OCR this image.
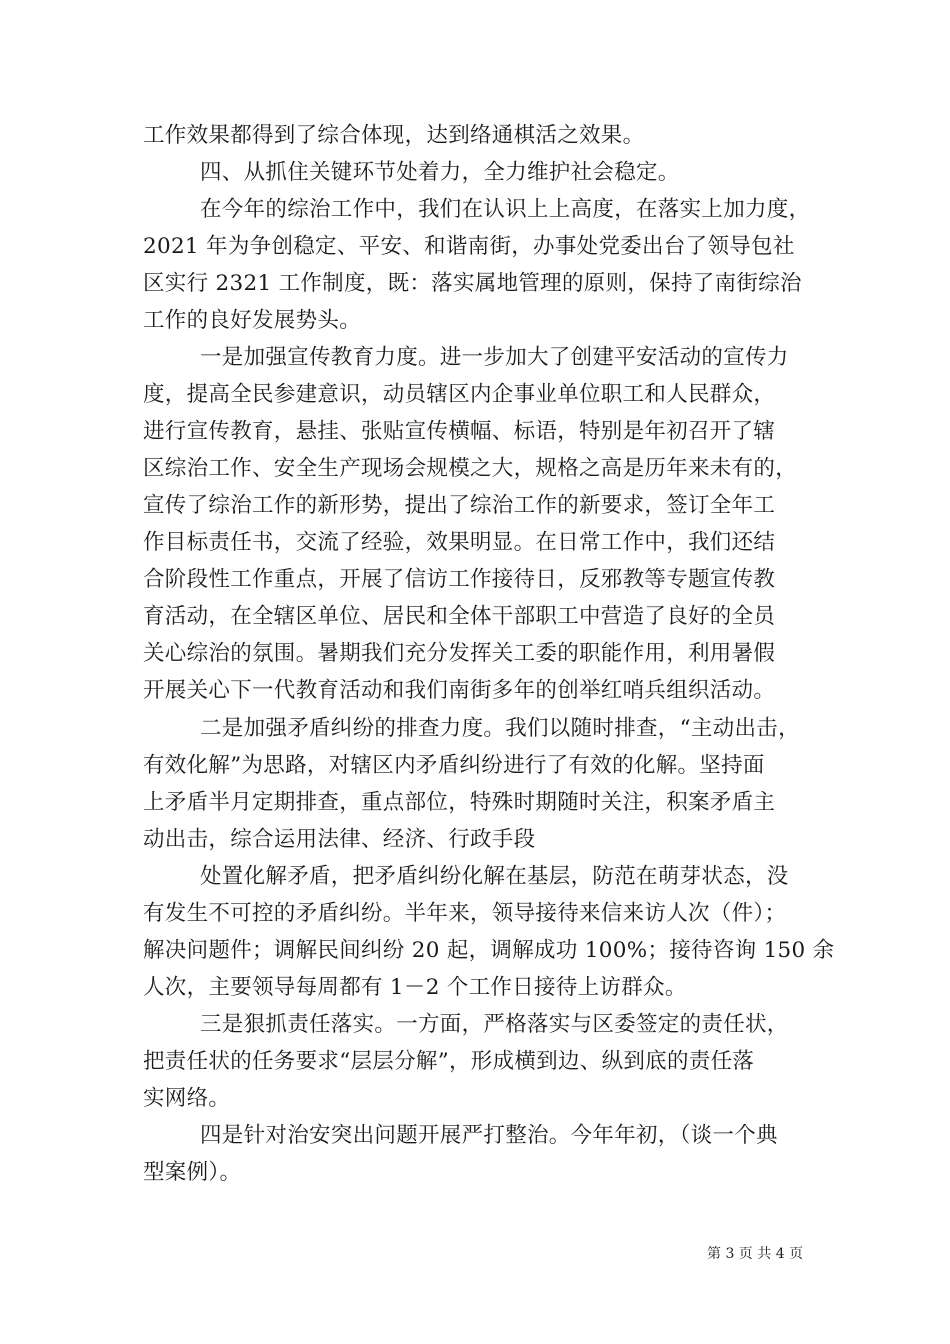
工作效果都得到了综合体现，达到络通棋活之效果。
四、从抓住关键环节处着力，全力维护社会稳定。
在今年的综治工作中，我们在认识上上高度，在落实上加力度，
2021 年为争创稳定、平安、和谐南街，办事处党委出台了领导包社
区实行 2321 工作制度，既：落实属地管理的原则，保持了南街综治
工作的良好发展势头。
一是加强宣传教育力度。进一步加大了创建平安活动的宣传力
度，提高全民参建意识，动员辖区内企事业单位职工和人民群众，
进行宣传教育，悬挂、张贴宣传横幅、标语，特别是年初召开了辖
区综治工作、安全生产现场会规模之大，规格之高是历年来未有的，
宣传了综治工作的新形势，提出了综治工作的新要求，签订全年工
作目标责任书，交流了经验，效果明显。在日常工作中，我们还结
合阶段性工作重点，开展了信访工作接待日，反邪教等专题宣传教
育活动，在全辖区单位、居民和全体干部职工中营造了良好的全员
关心综治的氛围。暑期我们充分发挥关工委的职能作用，利用暑假
开展关心下一代教育活动和我们南街多年的创举红哨兵组织活动。
二是加强矛盾纠纷的排查力度。我们以随时排查，“主动出击，
有效化解”为思路，对辖区内矛盾纠纷进行了有效的化解。坚持面
上矛盾半月定期排查，重点部位，特殊时期随时关注，积案矛盾主
动出击，综合运用法律、经济、行政手段
处置化解矛盾，把矛盾纠纷化解在基层，防范在萌芽状态，没
有发生不可控的矛盾纠纷。半年来，领导接待来信来访人次（件）；
解决问题件；调解民间纠纷 20 起，调解成功 100%；接待咨询 150 余
人次，主要领导每周都有 1－2 个工作日接待上访群众。
三是狠抓责任落实。一方面，严格落实与区委签定的责任状，
把责任状的任务要求“层层分解”，形成横到边、纵到底的责任落
实网络。
四是针对治安突出问题开展严打整治。今年年初，（谈一个典
型案例）。
第 3 页 共 4 页
